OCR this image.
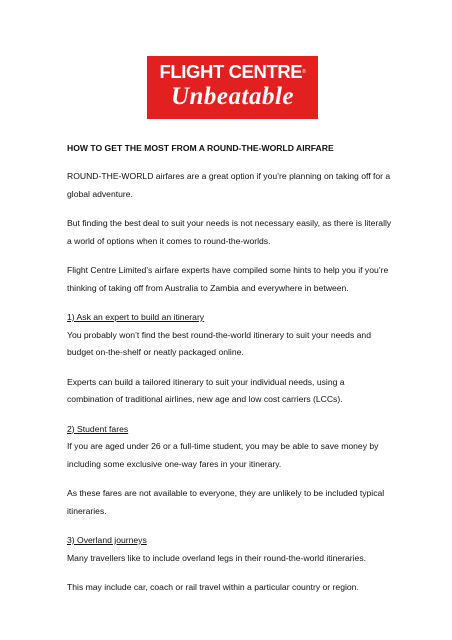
FLIGHT CENTRE®
Unbeatable
HOW TO GET THE MOST FROM A ROUND-THE-WORLD AIRFARE

ROUND-THE-WORLD airfares are a great option if you’re planning on taking off for a global adventure.

But finding the best deal to suit your needs is not necessary easily, as there is literally a world of options when it comes to round-the-worlds.

Flight Centre Limited’s airfare experts have compiled some hints to help you if you’re thinking of taking off from Australia to Zambia and everywhere in between.

1) Ask an expert to build an itinerary
You probably won’t find the best round-the-world itinerary to suit your needs and budget on-the-shelf or neatly packaged online.

Experts can build a tailored itinerary to suit your individual needs, using a combination of traditional airlines, new age and low cost carriers (LCCs).

2) Student fares
If you are aged under 26 or a full-time student, you may be able to save money by including some exclusive one-way fares in your itinerary.

As these fares are not available to everyone, they are unlikely to be included typical itineraries.

3) Overland journeys
Many travellers like to include overland legs in their round-the-world itineraries.

This may include car, coach or rail travel within a particular country or region.
